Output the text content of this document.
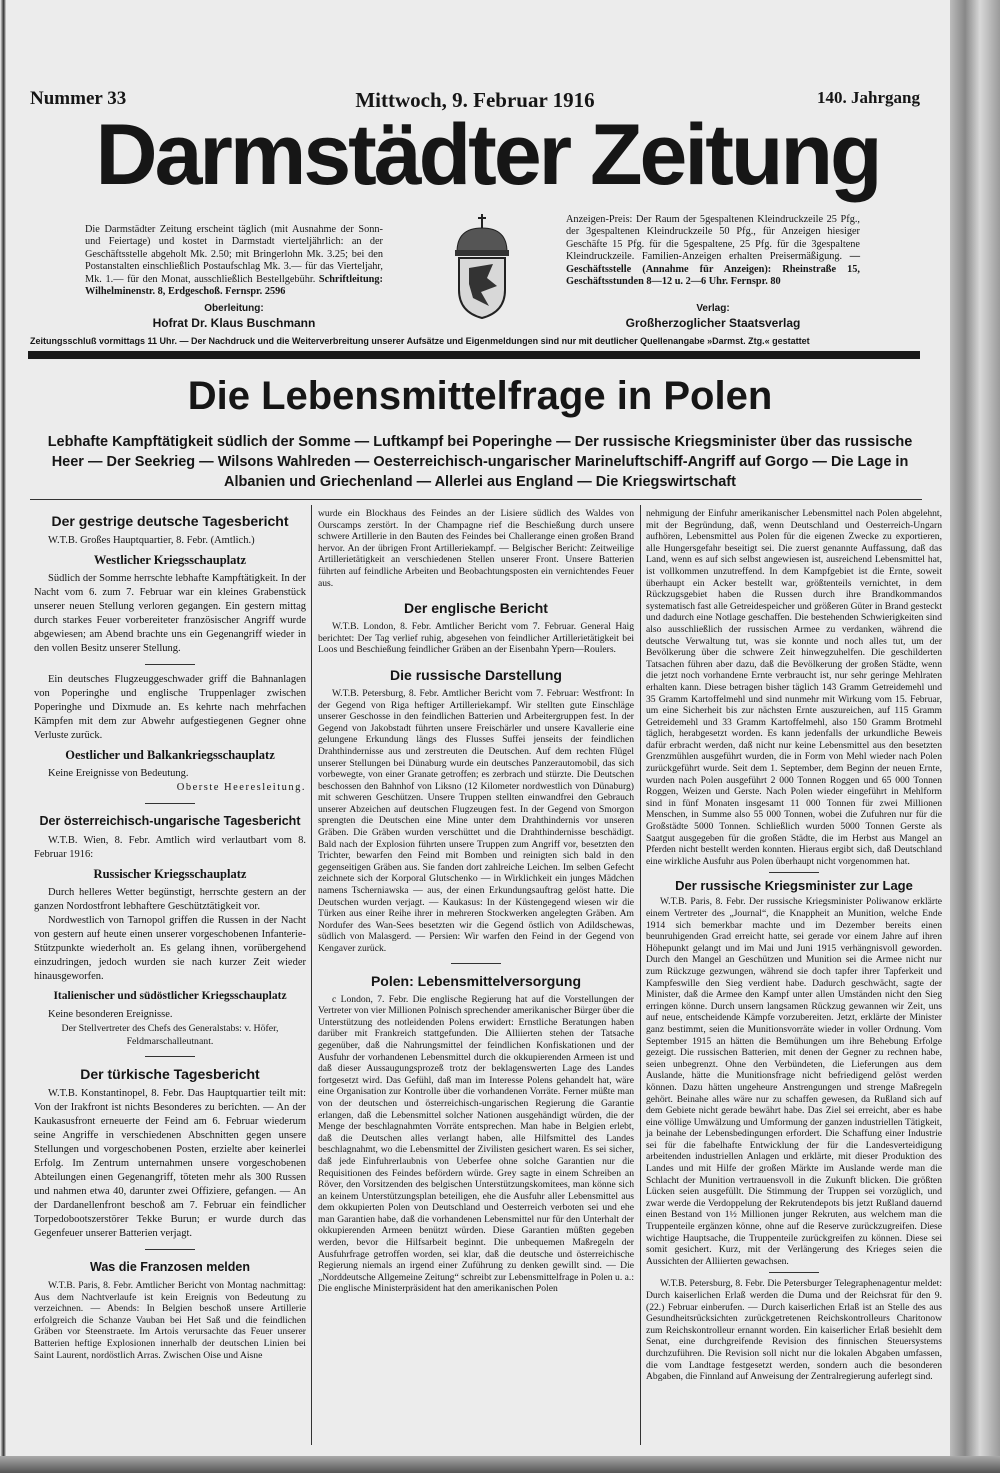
Nummer 33	Mittwoch, 9. Februar 1916	140. Jahrgang
Darmstädter Zeitung
Die Darmstädter Zeitung erscheint täglich (mit Ausnahme der Sonn- und Feiertage) und kostet in Darmstadt vierteljährlich: an der Geschäftsstelle abgeholt Mk. 2.50; mit Bringerlohn Mk. 3.25; bei den Postanstalten einschließlich Postaufschlag Mk. 3.— für das Vierteljahr, Mk. 1.— für den Monat, ausschließlich Bestellgebühr. Schriftleitung: Wilhelminenstr. 8, Erdgeschoß. Fernspr. 2596
Oberleitung:
Hofrat Dr. Klaus Buschmann
Anzeigen-Preis: Der Raum der 5gespaltenen Kleindruckzeile 25 Pfg., der 3gespaltenen Kleindruckzeile 50 Pfg., für Anzeigen hiesiger Geschäfte 15 Pfg. für die 5gespaltene, 25 Pfg. für die 3gespaltene Kleindruckzeile. Familien-Anzeigen erhalten Preisermäßigung. — Geschäftsstelle (Annahme für Anzeigen): Rheinstraße 15, Geschäftsstunden 8—12 u. 2—6 Uhr. Fernspr. 80
Verlag:
Großherzoglicher Staatsverlag
Zeitungsschluß vormittags 11 Uhr. — Der Nachdruck und die Weiterverbreitung unserer Aufsätze und Eigenmeldungen sind nur mit deutlicher Quellenangabe »Darmst. Ztg.« gestattet
Die Lebensmittelfrage in Polen
Lebhafte Kampftätigkeit südlich der Somme — Luftkampf bei Poperinghe — Der russische Kriegsminister über das russische Heer — Der Seekrieg — Wilsons Wahlreden — Oesterreichisch-ungarischer Marineluftschiff-Angriff auf Gorgo — Die Lage in Albanien und Griechenland — Allerlei aus England — Die Kriegswirtschaft
Der gestrige deutsche Tagesbericht

W.T.B. Großes Hauptquartier, 8. Febr. (Amtlich.)

Westlicher Kriegsschauplatz

Südlich der Somme herrschte lebhafte Kampftätigkeit. In der Nacht vom 6. zum 7. Februar war ein kleines Grabenstück unserer neuen Stellung verloren gegangen. Ein gestern mittag durch starkes Feuer vorbereiteter französischer Angriff wurde abgewiesen; am Abend brachte uns ein Gegenangriff wieder in den vollen Besitz unserer Stellung.

Ein deutsches Flugzeuggeschwader griff die Bahnanlagen von Poperinghe und englische Truppenlager zwischen Poperinghe und Dixmude an. Es kehrte nach mehrfachen Kämpfen mit dem zur Abwehr aufgestiegenen Gegner ohne Verluste zurück.

Oestlicher und Balkankriegsschauplatz

Keine Ereignisse von Bedeutung.

Oberste Heeresleitung.
Der österreichisch-ungarische Tagesbericht

W.T.B. Wien, 8. Febr. Amtlich wird verlautbart vom 8. Februar 1916:

Russischer Kriegsschauplatz

Durch helleres Wetter begünstigt, herrschte gestern an der ganzen Nordostfront lebhaftere Geschütztätigkeit vor.

Nordwestlich von Tarnopol griffen die Russen in der Nacht von gestern auf heute einen unserer vorgeschobenen Infanterie-Stützpunkte wiederholt an. Es gelang ihnen, vorübergehend einzudringen, jedoch wurden sie nach kurzer Zeit wieder hinausgeworfen.

Italienischer und südöstlicher Kriegsschauplatz

Keine besonderen Ereignisse.

Der Stellvertreter des Chefs des Generalstabs: v. Höfer, Feldmarschalleutnant.
Der türkische Tagesbericht

W.T.B. Konstantinopel, 8. Febr. Das Hauptquartier teilt mit: Von der Irakfront ist nichts Besonderes zu berichten. — An der Kaukasusfront erneuerte der Feind am 6. Februar wiederum seine Angriffe in verschiedenen Abschnitten gegen unsere Stellungen und vorgeschobenen Posten, erzielte aber keinerlei Erfolg. Im Zentrum unternahmen unsere vorgeschobenen Abteilungen einen Gegenangriff, töteten mehr als 300 Russen und nahmen etwa 40, darunter zwei Offiziere, gefangen. — An der Dardanellenfront beschoß am 7. Februar ein feindlicher Torpedobootszerstörer Tekke Burun; er wurde durch das Gegenfeuer unserer Batterien verjagt.

Was die Franzosen melden

W.T.B. Paris, 8. Febr. Amtlicher Bericht von Montag nachmittag: Aus dem Nachtverlaufe ist kein Ereignis von Bedeutung zu verzeichnen. — Abends: In Belgien beschoß unsere Artillerie erfolgreich die Schanze Vauban bei Het Saß und die feindlichen Gräben vor Steenstraete. Im Artois verursachte das Feuer unserer Batterien heftige Explosionen innerhalb der deutschen Linien bei Saint Laurent, nordöstlich Arras. Zwischen Oise und Aisne

wurde ein Blockhaus des Feindes an der Lisiere südlich des Waldes von Ourscamps zerstört. In der Champagne rief die Beschießung durch unsere schwere Artillerie in den Bauten des Feindes bei Challerange einen großen Brand hervor. An der übrigen Front Artilleriekampf. — Belgischer Bericht: Zeitweilige Artillerietätigkeit an verschiedenen Stellen unserer Front. Unsere Batterien führten auf feindliche Arbeiten und Beobachtungsposten ein vernichtendes Feuer aus.

Der englische Bericht

W.T.B. London, 8. Febr. Amtlicher Bericht vom 7. Februar. General Haig berichtet: Der Tag verlief ruhig, abgesehen von feindlicher Artillerietätigkeit bei Loos und Beschießung feindlicher Gräben an der Eisenbahn Ypern—Roulers.

Die russische Darstellung

W.T.B. Petersburg, 8. Febr. Amtlicher Bericht vom 7. Februar: Westfront: In der Gegend von Riga heftiger Artilleriekampf. Wir stellten gute Einschläge unserer Geschosse in den feindlichen Batterien und Arbeitergruppen fest. In der Gegend von Jakobstadt führten unsere Freischärler und unsere Kavallerie eine gelungene Erkundung längs des Flusses Suffei jenseits der feindlichen Drahthindernisse aus und zerstreuten die Deutschen. Auf dem rechten Flügel unserer Stellungen bei Dünaburg wurde ein deutsches Panzerautomobil, das sich vorbewegte, von einer Granate getroffen; es zerbrach und stürzte. Die Deutschen beschossen den Bahnhof von Liksno (12 Kilometer nordwestlich von Dünaburg) mit schweren Geschützen. Unsere Truppen stellten einwandfrei den Gebrauch unserer Abzeichen auf deutschen Flugzeugen fest. In der Gegend von Smorgon sprengten die Deutschen eine Mine unter dem Drahthindernis vor unseren Gräben. Die Gräben wurden verschüttet und die Drahthindernisse beschädigt. Bald nach der Explosion führten unsere Truppen zum Angriff vor, besetzten den Trichter, bewarfen den Feind mit Bomben und reinigten sich bald in den gegenseitigen Gräben aus. Sie fanden dort zahlreiche Leichen. Im selben Gefecht zeichnete sich der Korporal Glutschenko — in Wirklichkeit ein junges Mädchen namens Tscherniawska — aus, der einen Erkundungsauftrag gelöst hatte. Die Deutschen wurden verjagt. — Kaukasus: In der Küstengegend wiesen wir die Türken aus einer Reihe ihrer in mehreren Stockwerken angelegten Gräben. Am Nordufer des Wan-Sees besetzten wir die Gegend östlich von Adildschewas, südlich von Malasgerd. — Persien: Wir warfen den Feind in der Gegend von Kengaver zurück.

Polen: Lebensmittelversorgung

c London, 7. Febr. Die englische Regierung hat auf die Vorstellungen der Vertreter von vier Millionen Polnisch sprechender amerikanischer Bürger über die Unterstützung des notleidenden Polens erwidert: Ernstliche Beratungen haben darüber mit Frankreich stattgefunden. Die Alliierten stehen der Tatsache gegenüber, daß die Nahrungsmittel der feindlichen Konfiskationen und der Ausfuhr der vorhandenen Lebensmittel durch die okkupierenden Armeen ist und daß dieser Aussaugungsprozeß trotz der beklagenswerten Lage des Landes fortgesetzt wird. Das Gefühl, daß man im Interesse Polens gehandelt hat, wäre eine Organisation zur Kontrolle über die vorhandenen Vorräte. Ferner müßte man von der deutschen und österreichisch-ungarischen Regierung die Garantie erlangen, daß die Lebensmittel solcher Nationen ausgehändigt würden, die der Menge der beschlagnahmten Vorräte entsprechen. Man habe in Belgien erlebt, daß die Deutschen alles verlangt haben, alle Hilfsmittel des Landes beschlagnahmt, wo die Lebensmittel der Zivilisten gesichert waren. Es sei sicher, daß jede Einfuhrerlaubnis von Ueberfee ohne solche Garantien nur die Requisitionen des Feindes befördern würde. Grey sagte in einem Schreiben an Röver, den Vorsitzenden des belgischen Unterstützungskomitees, man könne sich an keinem Unterstützungsplan beteiligen, ehe die Ausfuhr aller Lebensmittel aus dem okkupierten Polen von Deutschland und Oesterreich verboten sei und ehe man Garantien habe, daß die vorhandenen Lebensmittel nur für den Unterhalt der okkupierenden Armeen benützt würden. Diese Garantien müßten gegeben werden, bevor die Hilfsarbeit beginnt. Die unbequemen Maßregeln der Ausfuhrfrage getroffen worden, sei klar, daß die deutsche und österreichische Regierung niemals an irgend einer Zuführung zu denken gewillt sind. — Die „Norddeutsche Allgemeine Zeitung“ schreibt zur Lebensmittelfrage in Polen u. a.: Die englische Ministerpräsident hat den amerikanischen Polen

nehmigung der Einfuhr amerikanischer Lebensmittel nach Polen abgelehnt, mit der Begründung, daß, wenn Deutschland und Oesterreich-Ungarn aufhören, Lebensmittel aus Polen für die eigenen Zwecke zu exportieren, alle Hungersgefahr beseitigt sei. Die zuerst genannte Auffassung, daß das Land, wenn es auf sich selbst angewiesen ist, ausreichend Lebensmittel hat, ist vollkommen unzutreffend. In dem Kampfgebiet ist die Ernte, soweit überhaupt ein Acker bestellt war, größtenteils vernichtet, in dem Rückzugsgebiet haben die Russen durch ihre Brandkommandos systematisch fast alle Getreidespeicher und größeren Güter in Brand gesteckt und dadurch eine Notlage geschaffen. Die bestehenden Schwierigkeiten sind also ausschließlich der russischen Armee zu verdanken, während die deutsche Verwaltung tut, was sie konnte und noch alles tut, um der Bevölkerung über die schwere Zeit hinwegzuhelfen. Die geschilderten Tatsachen führen aber dazu, daß die Bevölkerung der großen Städte, wenn die jetzt noch vorhandene Ernte verbraucht ist, nur sehr geringe Mehlraten erhalten kann. Diese betragen bisher täglich 143 Gramm Getreidemehl und 35 Gramm Kartoffelmehl und sind nunmehr mit Wirkung vom 15. Februar, um eine Sicherheit bis zur nächsten Ernte auszureichen, auf 115 Gramm Getreidemehl und 33 Gramm Kartoffelmehl, also 150 Gramm Brotmehl täglich, herabgesetzt worden. Es kann jedenfalls der urkundliche Beweis dafür erbracht werden, daß nicht nur keine Lebensmittel aus den besetzten Grenzmühlen ausgeführt wurden, die in Form von Mehl wieder nach Polen zurückgeführt wurde. Seit dem 1. September, dem Beginn der neuen Ernte, wurden nach Polen ausgeführt 2 000 Tonnen Roggen und 65 000 Tonnen Roggen, Weizen und Gerste. Nach Polen wieder eingeführt in Mehlform sind in fünf Monaten insgesamt 11 000 Tonnen für zwei Millionen Menschen, in Summe also 55 000 Tonnen, wobei die Zufuhren nur für die Großstädte 5000 Tonnen. Schließlich wurden 5000 Tonnen Gerste als Saatgut ausgegeben für die großen Städte, die im Herbst aus Mangel an Pferden nicht bestellt werden konnten. Hieraus ergibt sich, daß Deutschland eine wirkliche Ausfuhr aus Polen überhaupt nicht vorgenommen hat.

Der russische Kriegsminister zur Lage

W.T.B. Paris, 8. Febr. Der russische Kriegsminister Poliwanow erklärte einem Vertreter des „Journal“, die Knappheit an Munition, welche Ende 1914 sich bemerkbar machte und im Dezember bereits einen beunruhigenden Grad erreicht hatte, sei gerade vor einem Jahre auf ihren Höhepunkt gelangt und im Mai und Juni 1915 verhängnisvoll geworden. Durch den Mangel an Geschützen und Munition sei die Armee nicht nur zum Rückzuge gezwungen, während sie doch tapfer ihrer Tapferkeit und Kampfeswille den Sieg verdient habe. Dadurch geschwächt, sagte der Minister, daß die Armee den Kampf unter allen Umständen nicht den Sieg erringen könne. Durch unsern langsamen Rückzug gewannen wir Zeit, uns auf neue, entscheidende Kämpfe vorzubereiten. Jetzt, erklärte der Minister ganz bestimmt, seien die Munitionsvorräte wieder in voller Ordnung. Vom September 1915 an hätten die Bemühungen um ihre Behebung Erfolge gezeigt. Die russischen Batterien, mit denen der Gegner zu rechnen habe, seien unbegrenzt. Ohne den Verbündeten, die Lieferungen aus dem Auslande, hätte die Munitionsfrage nicht befriedigend gelöst werden können. Dazu hätten ungeheure Anstrengungen und strenge Maßregeln gehört. Beinahe alles wäre nur zu schaffen gewesen, da Rußland sich auf dem Gebiete nicht gerade bewährt habe. Das Ziel sei erreicht, aber es habe eine völlige Umwälzung und Umformung der ganzen industriellen Tätigkeit, ja beinahe der Lebensbedingungen erfordert. Die Schaffung einer Industrie sei für die fabelhafte Entwicklung der für die Landesverteidigung arbeitenden industriellen Anlagen und erklärte, mit dieser Produktion des Landes und mit Hilfe der großen Märkte im Auslande werde man die Schlacht der Munition vertrauensvoll in die Zukunft blicken. Die größten Lücken seien ausgefüllt. Die Stimmung der Truppen sei vorzüglich, und zwar werde die Verdoppelung der Rekrutendepots bis jetzt Rußland dauernd einen Bestand von 1½ Millionen junger Rekruten, aus welchem man die Truppenteile ergänzen könne, ohne auf die Reserve zurückzugreifen. Diese wichtige Hauptsache, die Truppenteile zurückgreifen zu können. Diese sei somit gesichert. Kurz, mit der Verlängerung des Krieges seien die Aussichten der Alliierten gewachsen.

W.T.B. Petersburg, 8. Febr. Die Petersburger Telegraphenagentur meldet: Durch kaiserlichen Erlaß werden die Duma und der Reichsrat für den 9. (22.) Februar einberufen. — Durch kaiserlichen Erlaß ist an Stelle des aus Gesundheitsrücksichten zurückgetretenen Reichskontrolleurs Charitonow zum Reichskontrolleur ernannt worden. Ein kaiserlicher Erlaß besiehlt dem Senat, eine durchgreifende Revision des finnischen Steuersystems durchzuführen. Die Revision soll nicht nur die lokalen Abgaben umfassen, die vom Landtage festgesetzt werden, sondern auch die besonderen Abgaben, die Finnland auf Anweisung der Zentralregierung auferlegt sind.
